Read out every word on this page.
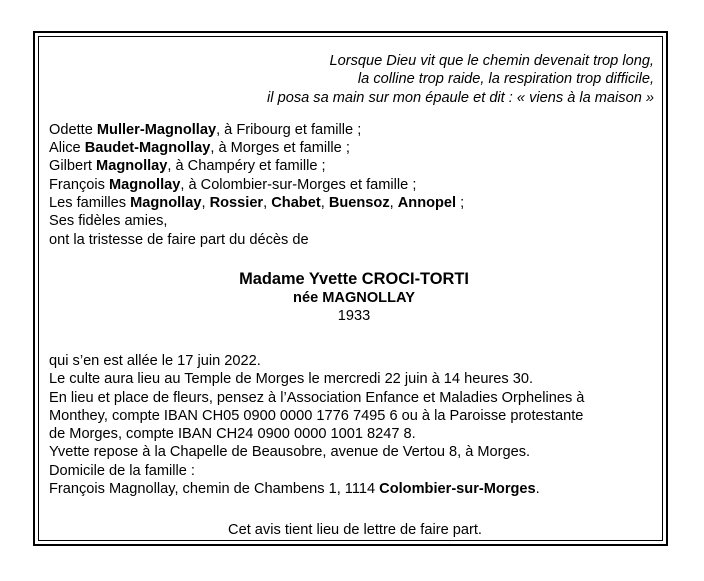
Lorsque Dieu vit que le chemin devenait trop long,
la colline trop raide, la respiration trop difficile,
il posa sa main sur mon épaule et dit : « viens à la maison »
Odette Muller-Magnollay, à Fribourg et famille ;
Alice Baudet-Magnollay, à Morges et famille ;
Gilbert Magnollay, à Champéry et famille ;
François Magnollay, à Colombier-sur-Morges et famille ;
Les familles Magnollay, Rossier, Chabet, Buensoz, Annopel ;
Ses fidèles amies,
ont la tristesse de faire part du décès de
Madame Yvette CROCI-TORTI
née MAGNOLLAY
1933
qui s’en est allée le 17 juin 2022.
Le culte aura lieu au Temple de Morges le mercredi 22 juin à 14 heures 30.
En lieu et place de fleurs, pensez à l’Association Enfance et Maladies Orphelines à
Monthey, compte IBAN CH05 0900 0000 1776 7495 6 ou à la Paroisse protestante
de Morges, compte IBAN CH24 0900 0000 1001 8247 8.
Yvette repose à la Chapelle de Beausobre, avenue de Vertou 8, à Morges.
Domicile de la famille :
François Magnollay, chemin de Chambens 1, 1114 Colombier-sur-Morges.
Cet avis tient lieu de lettre de faire part.
